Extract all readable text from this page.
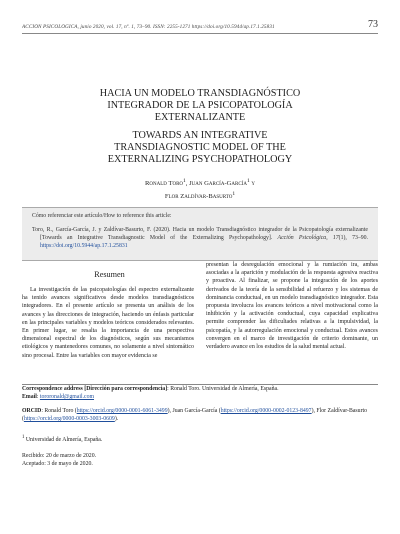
ACCIÓN PSICOLÓGICA, junio 2020, vol. 17, nº. 1, 73–90. ISSN: 2255-1271 https://doi.org/10.5944/ap.17.1.25831	73
HACIA UN MODELO TRANSDIAGNÓSTICO
INTEGRADOR DE LA PSICOPATOLOGÍA
EXTERNALIZANTE
TOWARDS AN INTEGRATIVE
TRANSDIAGNOSTIC MODEL OF THE
EXTERNALIZING PSYCHOPATHOLOGY
Ronald Toro$^1$, Juan García-García$^1$ y
Flor Zaldívar-Basurto$^1$
Cómo referenciar este artículo/How to reference this article:
Toro, R., García-García, J. y Zaldívar-Basurto, F. (2020). Hacia un modelo Transdiagnóstico integrador de la Psicopatología externalizante [Towards an Integrative Transdiagnostic Model of the Externalizing Psychopathology]. Acción Psicológica, 17(1), 73–90. https://doi.org/10.5944/ap.17.1.25831
Resumen
La investigación de las psicopatologías del espectro externalizante ha tenido avances significativos desde modelos transdiagnósticos integradores. En el presente artículo se presenta un análisis de los avances y las direcciones de integración, haciendo un énfasis particular en las principales variables y modelos teóricos considerados relevantes. En primer lugar, se resalta la importancia de una perspectiva dimensional espectral de los diagnósticos, según sus mecanismos etiológicos y mantenedores comunes, no solamente a nivel sintomático sino procesal. Entre las variables con mayor evidencia se
presentan la desregulación emocional y la rumiación ira, ambas asociadas a la aparición y modulación de la respuesta agresiva reactiva y proactiva. Al finalizar, se propone la integración de los aportes derivados de la teoría de la sensibilidad al refuerzo y los sistemas de dominancia conductual, en un modelo transdiagnóstico integrador. Esta propuesta involucra los avances teóricos a nivel motivacional como la inhibición y la activación conductual, cuya capacidad explicativa permite comprender las dificultades relativas a la impulsividad, la psicopatía, y la autorregulación emocional y conductual. Estos avances convergen en el marco de investigación de criterio dominante, un verdadero avance en los estudios de la salud mental actual.
Correspondence address [Dirección para correspondencia]: Ronald Toro. Universidad de Almería, España.
Email: tororonald@gmail.com
ORCID: Ronald Toro (https://orcid.org/0000-0001-6061-3499), Juan García-García (https://orcid.org/0000-0002-0123-8497), Flor Zaldívar-Basurto (https://orcid.org/0000-0003-3003-0609).
$^1$ Universidad de Almería, España.
Recibido: 20 de marzo de 2020.
Aceptado: 3 de mayo de 2020.
